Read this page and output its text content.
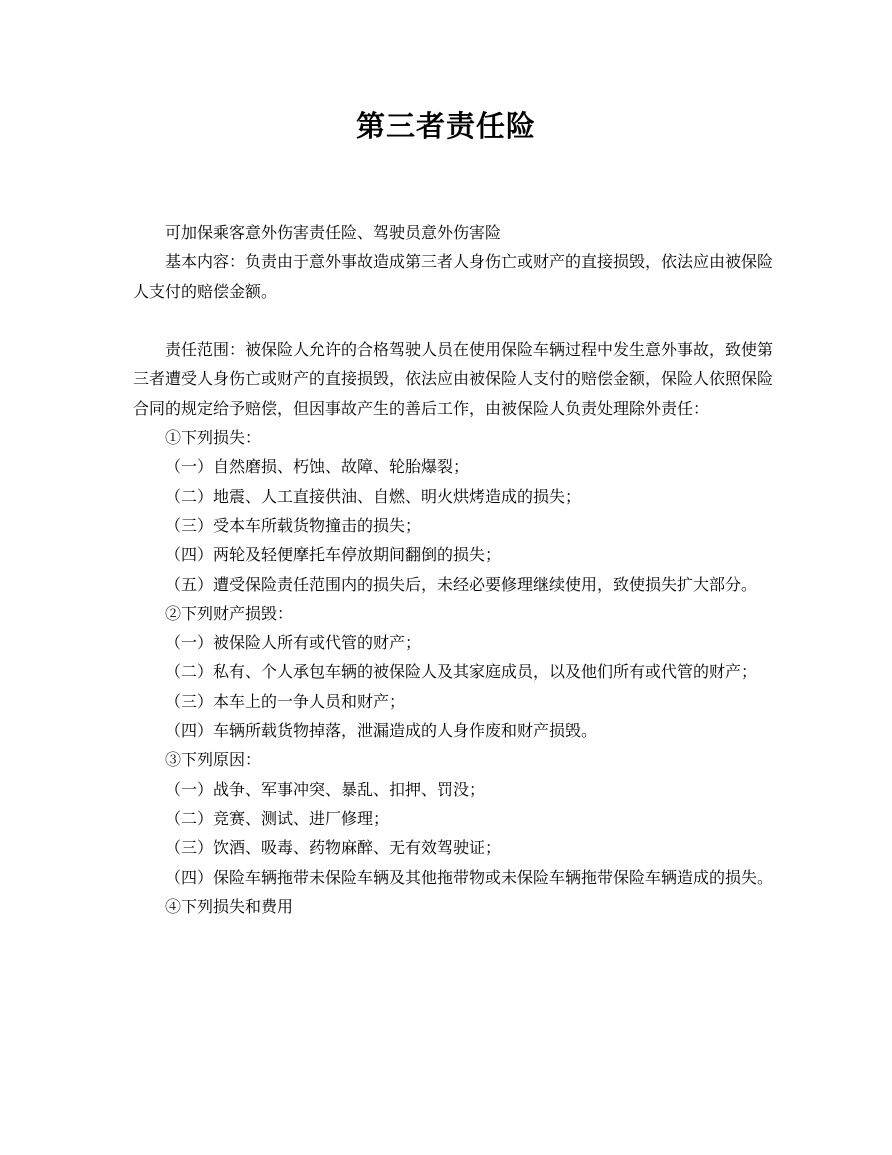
第三者责任险

可加保乘客意外伤害责任险、驾驶员意外伤害险

基本内容：负责由于意外事故造成第三者人身伤亡或财产的直接损毁，依法应由被保险人支付的赔偿金额。

责任范围：被保险人允许的合格驾驶人员在使用保险车辆过程中发生意外事故，致使第三者遭受人身伤亡或财产的直接损毁，依法应由被保险人支付的赔偿金额，保险人依照保险合同的规定给予赔偿，但因事故产生的善后工作，由被保险人负责处理除外责任：

①下列损失：

（一）自然磨损、朽蚀、故障、轮胎爆裂；

（二）地震、人工直接供油、自燃、明火烘烤造成的损失；

（三）受本车所载货物撞击的损失；

（四）两轮及轻便摩托车停放期间翻倒的损失；

（五）遭受保险责任范围内的损失后，未经必要修理继续使用，致使损失扩大部分。

②下列财产损毁：

（一）被保险人所有或代管的财产；

（二）私有、个人承包车辆的被保险人及其家庭成员，以及他们所有或代管的财产；

（三）本车上的一争人员和财产；

（四）车辆所载货物掉落，泄漏造成的人身作废和财产损毁。

③下列原因：

（一）战争、军事冲突、暴乱、扣押、罚没；

（二）竞赛、测试、进厂修理；

（三）饮酒、吸毒、药物麻醉、无有效驾驶证；

（四）保险车辆拖带未保险车辆及其他拖带物或未保险车辆拖带保险车辆造成的损失。

④下列损失和费用
